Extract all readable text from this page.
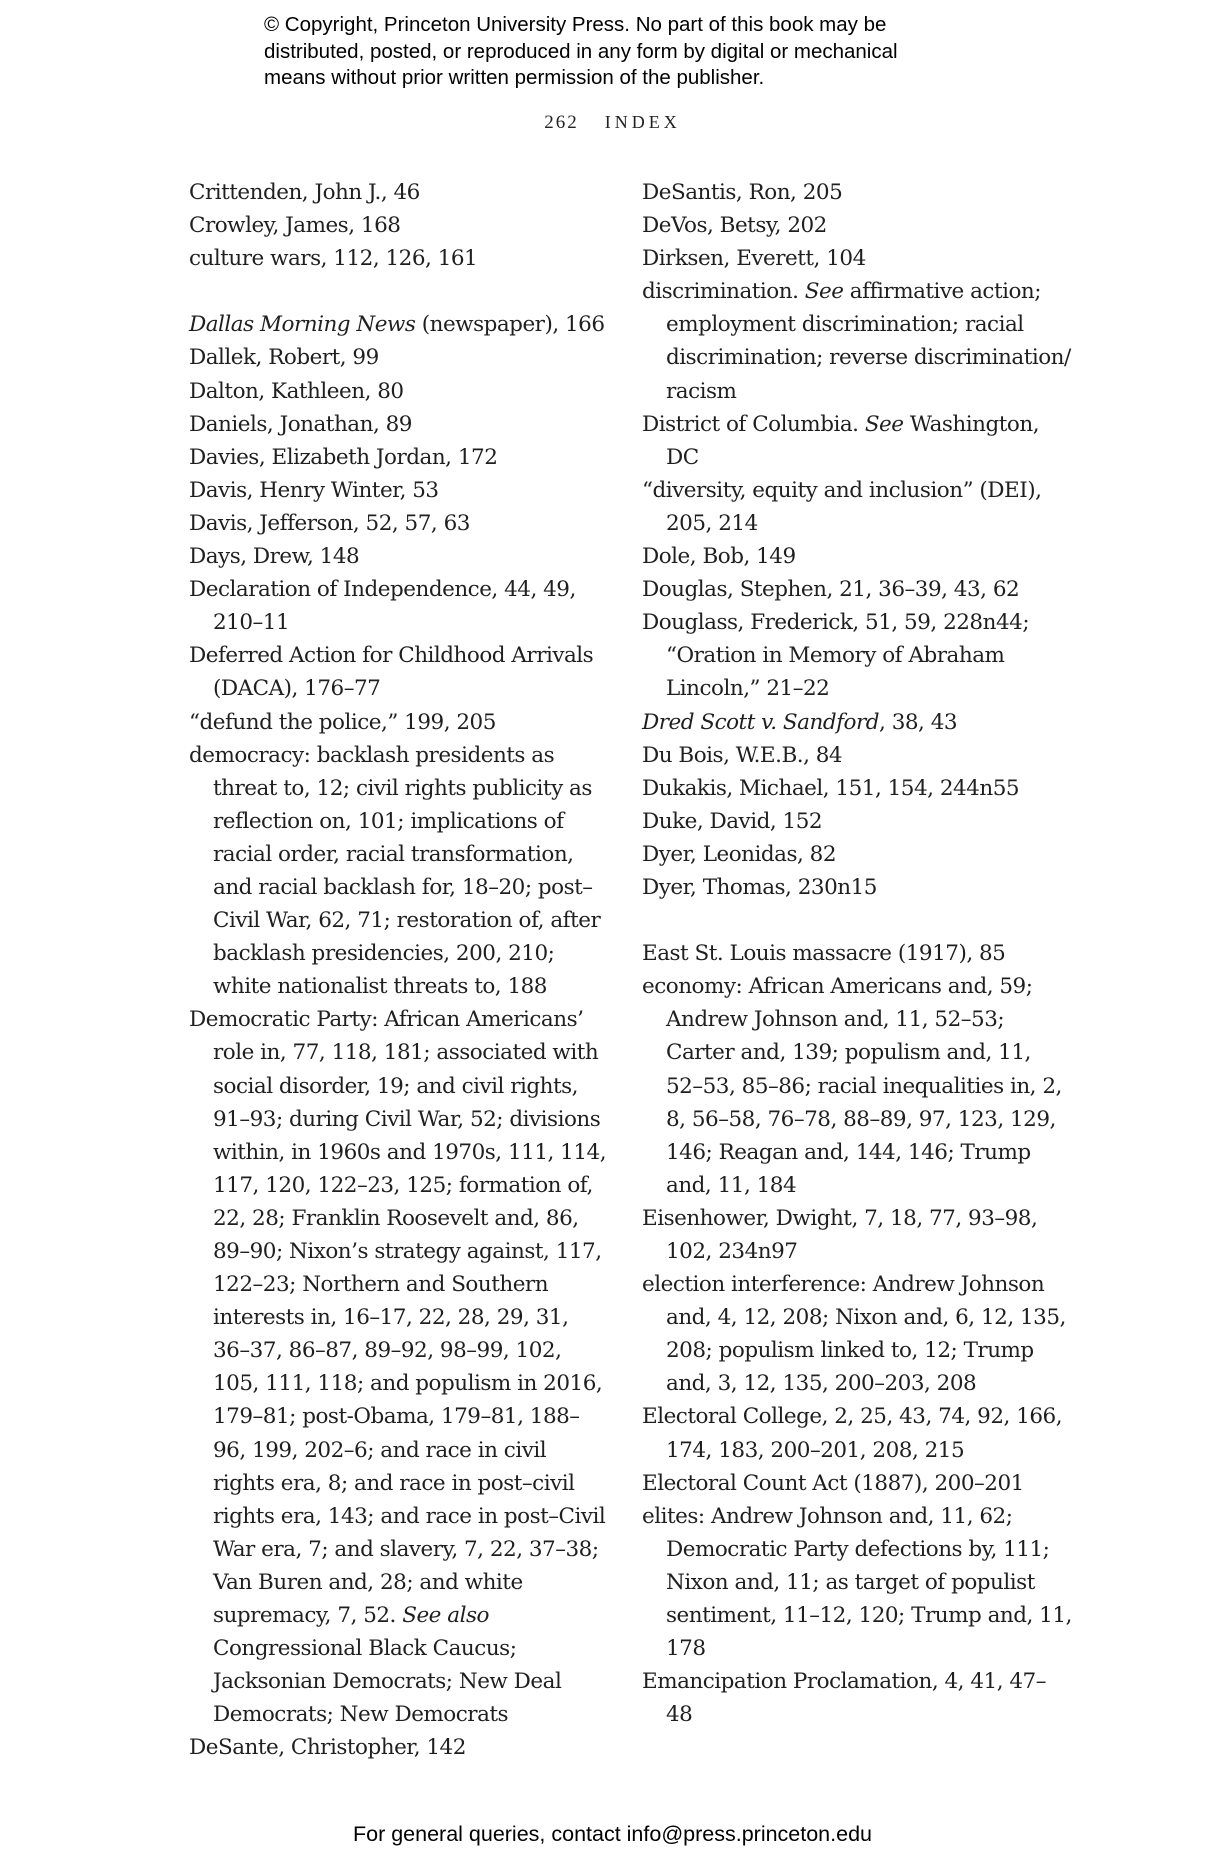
© Copyright, Princeton University Press. No part of this book may be
distributed, posted, or reproduced in any form by digital or mechanical
means without prior written permission of the publisher.
262 INDEX
Crittenden, John J., 46
Crowley, James, 168
culture wars, 112, 126, 161
Dallas Morning News (newspaper), 166
Dallek, Robert, 99
Dalton, Kathleen, 80
Daniels, Jonathan, 89
Davies, Elizabeth Jordan, 172
Davis, Henry Winter, 53
Davis, Jefferson, 52, 57, 63
Days, Drew, 148
Declaration of Independence, 44, 49, 210–11
Deferred Action for Childhood Arrivals (DACA), 176–77
“defund the police,” 199, 205
democracy: backlash presidents as threat to, 12; civil rights publicity as reflection on, 101; implications of racial order, racial transformation, and racial backlash for, 18–20; post–Civil War, 62, 71; restoration of, after backlash presidencies, 200, 210; white nationalist threats to, 188
Democratic Party: African Americans’ role in, 77, 118, 181; associated with social disorder, 19; and civil rights, 91–93; during Civil War, 52; divisions within, in 1960s and 1970s, 111, 114, 117, 120, 122–23, 125; formation of, 22, 28; Franklin Roosevelt and, 86, 89–90; Nixon’s strategy against, 117, 122–23; Northern and Southern interests in, 16–17, 22, 28, 29, 31, 36–37, 86–87, 89–92, 98–99, 102, 105, 111, 118; and populism in 2016, 179–81; post-Obama, 179–81, 188–96, 199, 202–6; and race in civil rights era, 8; and race in post–civil rights era, 143; and race in post–Civil War era, 7; and slavery, 7, 22, 37–38; Van Buren and, 28; and white supremacy, 7, 52. See also Congressional Black Caucus; Jacksonian Democrats; New Deal Democrats; New Democrats
DeSante, Christopher, 142
DeSantis, Ron, 205
DeVos, Betsy, 202
Dirksen, Everett, 104
discrimination. See affirmative action; employment discrimination; racial discrimination; reverse discrimination/ racism
District of Columbia. See Washington, DC
“diversity, equity and inclusion” (DEI), 205, 214
Dole, Bob, 149
Douglas, Stephen, 21, 36–39, 43, 62
Douglass, Frederick, 51, 59, 228n44; “Oration in Memory of Abraham Lincoln,” 21–22
Dred Scott v. Sandford, 38, 43
Du Bois, W.E.B., 84
Dukakis, Michael, 151, 154, 244n55
Duke, David, 152
Dyer, Leonidas, 82
Dyer, Thomas, 230n15
East St. Louis massacre (1917), 85
economy: African Americans and, 59; Andrew Johnson and, 11, 52–53; Carter and, 139; populism and, 11, 52–53, 85–86; racial inequalities in, 2, 8, 56–58, 76–78, 88–89, 97, 123, 129, 146; Reagan and, 144, 146; Trump and, 11, 184
Eisenhower, Dwight, 7, 18, 77, 93–98, 102, 234n97
election interference: Andrew Johnson and, 4, 12, 208; Nixon and, 6, 12, 135, 208; populism linked to, 12; Trump and, 3, 12, 135, 200–203, 208
Electoral College, 2, 25, 43, 74, 92, 166, 174, 183, 200–201, 208, 215
Electoral Count Act (1887), 200–201
elites: Andrew Johnson and, 11, 62; Democratic Party defections by, 111; Nixon and, 11; as target of populist sentiment, 11–12, 120; Trump and, 11, 178
Emancipation Proclamation, 4, 41, 47–48
For general queries, contact info@press.princeton.edu
